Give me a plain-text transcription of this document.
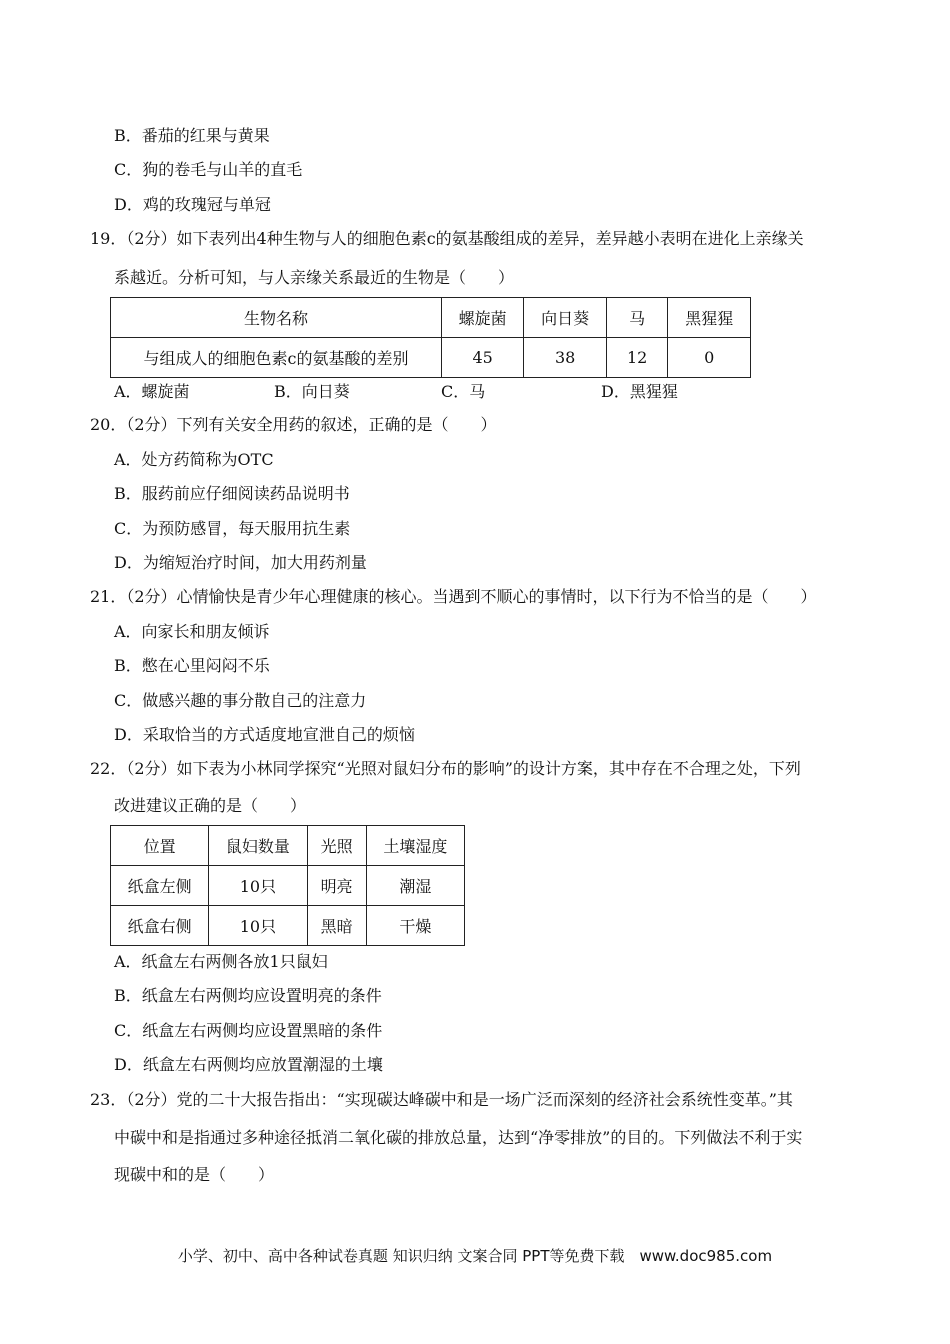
B．番茄的红果与黄果
C．狗的卷毛与山羊的直毛
D．鸡的玫瑰冠与单冠
19．（2分）如下表列出4种生物与人的细胞色素c的氨基酸组成的差异，差异越小表明在进化上亲缘关
系越近。分析可知，与人亲缘关系最近的生物是（　　）
生物名称	螺旋菌	向日葵	马	黑猩猩
与组成人的细胞色素c的氨基酸的差别	45	38	12	0
A．螺旋菌	B．向日葵	C．马	D．黑猩猩
20．（2分）下列有关安全用药的叙述，正确的是（　　）
A．处方药简称为OTC
B．服药前应仔细阅读药品说明书
C．为预防感冒，每天服用抗生素
D．为缩短治疗时间，加大用药剂量
21．（2分）心情愉快是青少年心理健康的核心。当遇到不顺心的事情时，以下行为不恰当的是（　　）
A．向家长和朋友倾诉
B．憋在心里闷闷不乐
C．做感兴趣的事分散自己的注意力
D．采取恰当的方式适度地宣泄自己的烦恼
22．（2分）如下表为小林同学探究“光照对鼠妇分布的影响”的设计方案，其中存在不合理之处，下列
改进建议正确的是（　　）
位置	鼠妇数量	光照	土壤湿度
纸盒左侧	10只	明亮	潮湿
纸盒右侧	10只	黑暗	干燥
A．纸盒左右两侧各放1只鼠妇
B．纸盒左右两侧均应设置明亮的条件
C．纸盒左右两侧均应设置黑暗的条件
D．纸盒左右两侧均应放置潮湿的土壤
23．（2分）党的二十大报告指出：“实现碳达峰碳中和是一场广泛而深刻的经济社会系统性变革。”其
中碳中和是指通过多种途径抵消二氧化碳的排放总量，达到“净零排放”的目的。下列做法不利于实
现碳中和的是（　　）
小学、初中、高中各种试卷真题 知识归纳 文案合同 PPT等免费下载　www.doc985.com
